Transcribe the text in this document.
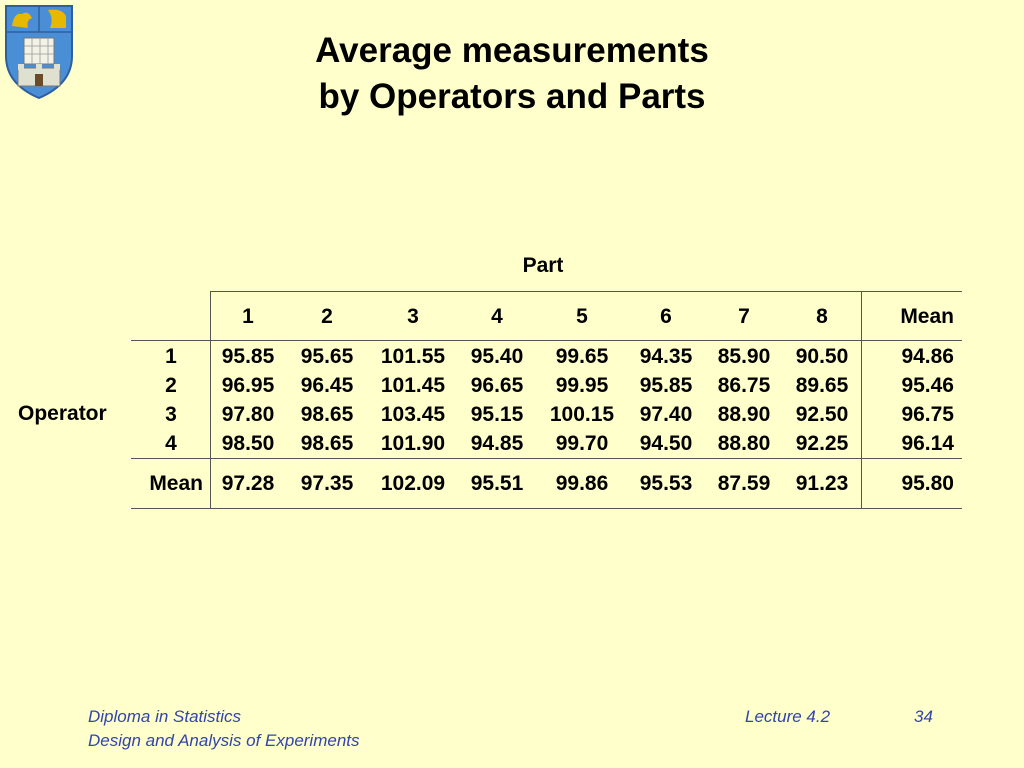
Average measurements
by Operators and Parts
Part
1	2	3	4	5	6	7	8	Mean
Operator
1 95.85 95.65 101.55 95.40 99.65 94.35 85.90 90.50	94.86
2 96.95 96.45 101.45 96.65 99.95 95.85 86.75 89.65	95.46
3 97.80 98.65 103.45 95.15 100.15 97.40 88.90 92.50	96.75
4 98.50 98.65 101.90 94.85 99.70 94.50 88.80 92.25	96.14
Mean 97.28 97.35 102.09 95.51 99.86 95.53 87.59 91.23	95.80
Diploma in Statistics
Design and Analysis of Experiments
Lecture 4.2	34
